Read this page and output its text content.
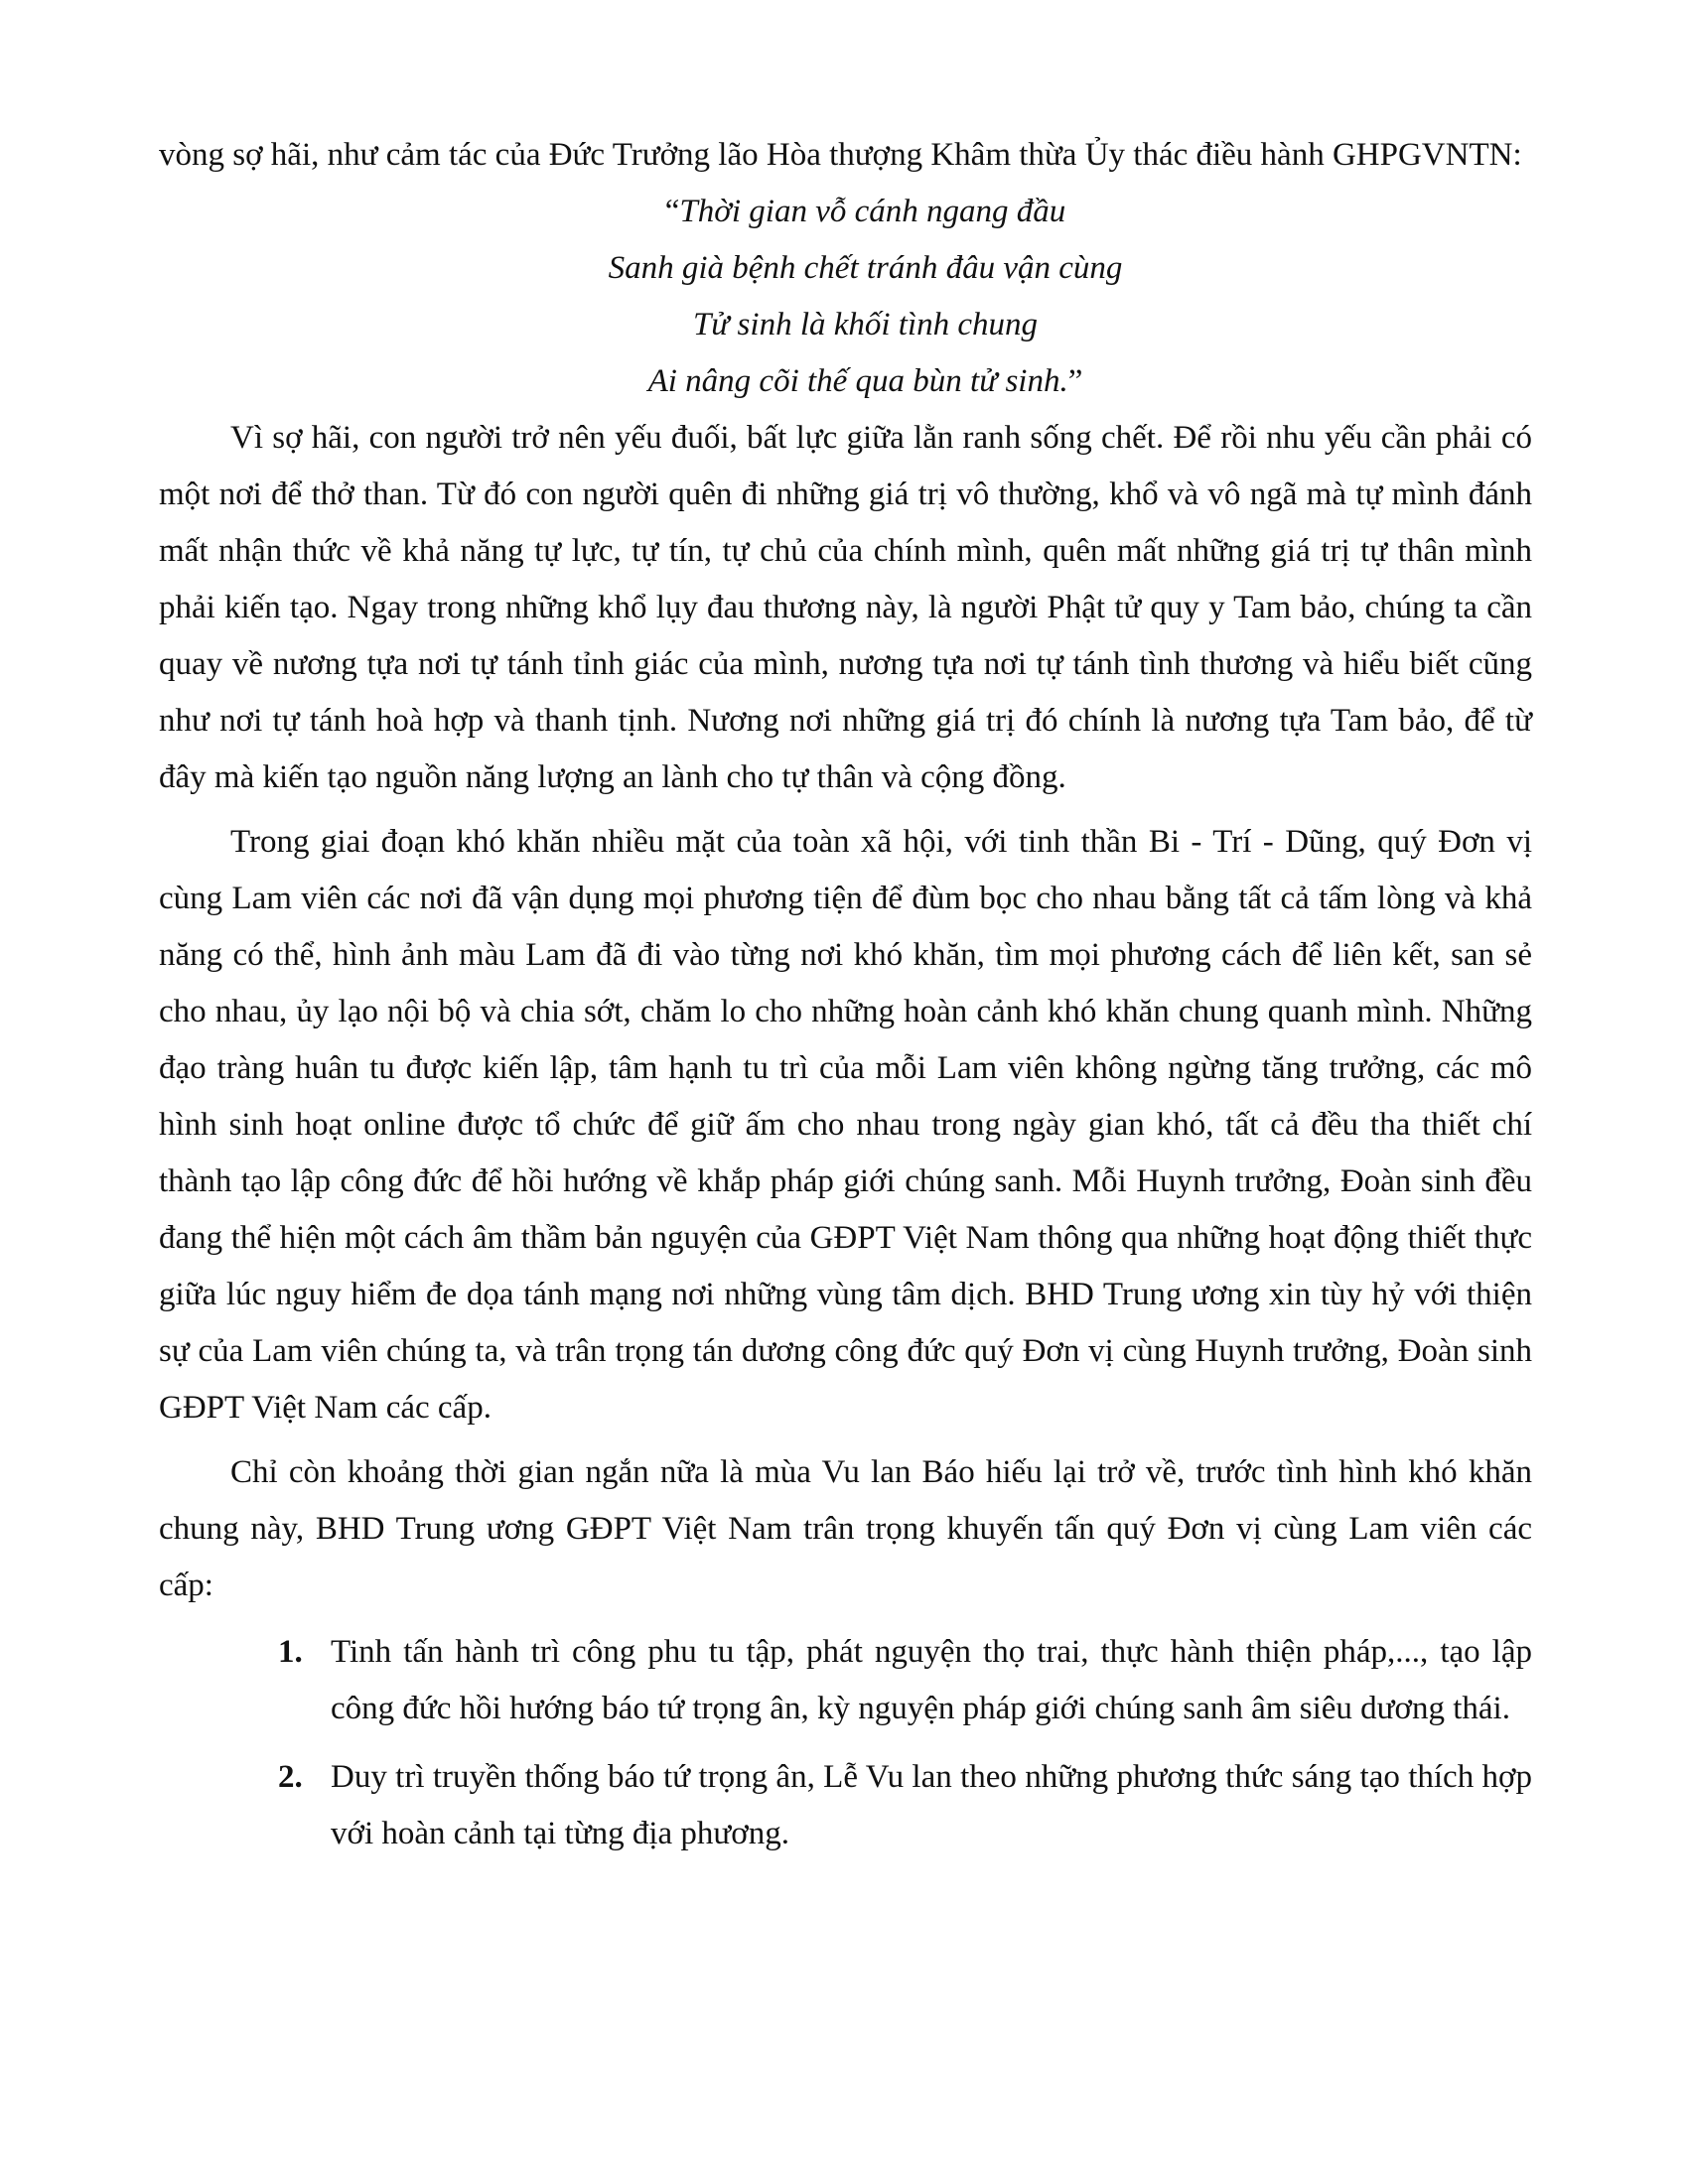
vòng sợ hãi, như cảm tác của Đức Trưởng lão Hòa thượng Khâm thừa Ủy thác điều hành GHPGVNTN:

“Thời gian vỗ cánh ngang đầu
Sanh già bệnh chết tránh đâu vận cùng
Tử sinh là khối tình chung
Ai nâng cõi thế qua bùn tử sinh.”

Vì sợ hãi, con người trở nên yếu đuối, bất lực giữa lằn ranh sống chết. Để rồi nhu yếu cần phải có một nơi để thở than. Từ đó con người quên đi những giá trị vô thường, khổ và vô ngã mà tự mình đánh mất nhận thức về khả năng tự lực, tự tín, tự chủ của chính mình, quên mất những giá trị tự thân mình phải kiến tạo. Ngay trong những khổ lụy đau thương này, là người Phật tử quy y Tam bảo, chúng ta cần quay về nương tựa nơi tự tánh tỉnh giác của mình, nương tựa nơi tự tánh tình thương và hiểu biết cũng như nơi tự tánh hoà hợp và thanh tịnh. Nương nơi những giá trị đó chính là nương tựa Tam bảo, để từ đây mà kiến tạo nguồn năng lượng an lành cho tự thân và cộng đồng.

Trong giai đoạn khó khăn nhiều mặt của toàn xã hội, với tinh thần Bi - Trí - Dũng, quý Đơn vị cùng Lam viên các nơi đã vận dụng mọi phương tiện để đùm bọc cho nhau bằng tất cả tấm lòng và khả năng có thể, hình ảnh màu Lam đã đi vào từng nơi khó khăn, tìm mọi phương cách để liên kết, san sẻ cho nhau, ủy lạo nội bộ và chia sớt, chăm lo cho những hoàn cảnh khó khăn chung quanh mình. Những đạo tràng huân tu được kiến lập, tâm hạnh tu trì của mỗi Lam viên không ngừng tăng trưởng, các mô hình sinh hoạt online được tổ chức để giữ ấm cho nhau trong ngày gian khó, tất cả đều tha thiết chí thành tạo lập công đức để hồi hướng về khắp pháp giới chúng sanh. Mỗi Huynh trưởng, Đoàn sinh đều đang thể hiện một cách âm thầm bản nguyện của GĐPT Việt Nam thông qua những hoạt động thiết thực giữa lúc nguy hiểm đe dọa tánh mạng nơi những vùng tâm dịch. BHD Trung ương xin tùy hỷ với thiện sự của Lam viên chúng ta, và trân trọng tán dương công đức quý Đơn vị cùng Huynh trưởng, Đoàn sinh GĐPT Việt Nam các cấp.

Chỉ còn khoảng thời gian ngắn nữa là mùa Vu lan Báo hiếu lại trở về, trước tình hình khó khăn chung này, BHD Trung ương GĐPT Việt Nam trân trọng khuyến tấn quý Đơn vị cùng Lam viên các cấp:

1. Tinh tấn hành trì công phu tu tập, phát nguyện thọ trai, thực hành thiện pháp,..., tạo lập công đức hồi hướng báo tứ trọng ân, kỳ nguyện pháp giới chúng sanh âm siêu dương thái.
2. Duy trì truyền thống báo tứ trọng ân, Lễ Vu lan theo những phương thức sáng tạo thích hợp với hoàn cảnh tại từng địa phương.
